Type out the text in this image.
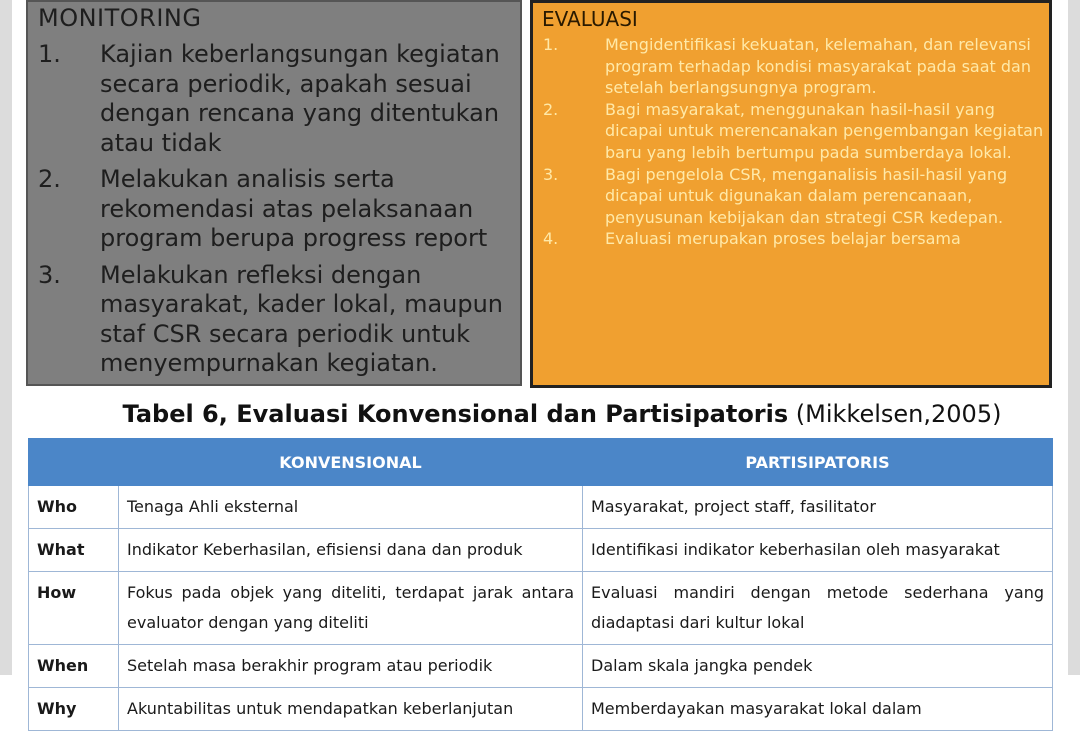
MONITORING
1.	Kajian keberlangsungan kegiatan secara periodik, apakah sesuai dengan rencana yang ditentukan atau tidak
2.	Melakukan analisis serta rekomendasi atas pelaksanaan program berupa progress report
3.	Melakukan refleksi dengan masyarakat, kader lokal, maupun staf CSR secara periodik untuk menyempurnakan kegiatan.
EVALUASI
1.	Mengidentifikasi kekuatan, kelemahan, dan relevansi program terhadap kondisi masyarakat pada saat dan setelah berlangsungnya program.
2.	Bagi masyarakat, menggunakan hasil-hasil yang dicapai untuk merencanakan pengembangan kegiatan baru yang lebih bertumpu pada sumberdaya lokal.
3.	Bagi pengelola CSR, menganalisis hasil-hasil yang dicapai untuk digunakan dalam perencanaan, penyusunan kebijakan dan strategi CSR kedepan.
4.	Evaluasi merupakan proses belajar bersama
Tabel 6, Evaluasi Konvensional dan Partisipatoris (Mikkelsen,2005)
	KONVENSIONAL	PARTISIPATORIS
Who	Tenaga Ahli eksternal	Masyarakat, project staff, fasilitator
What	Indikator Keberhasilan, efisiensi dana dan produk	Identifikasi indikator keberhasilan oleh masyarakat
How	Fokus pada objek yang diteliti, terdapat jarak antara evaluator dengan yang diteliti	Evaluasi mandiri dengan metode sederhana yang diadaptasi dari kultur lokal
When	Setelah masa berakhir program atau periodik	Dalam skala jangka pendek
Why	Akuntabilitas untuk mendapatkan keberlanjutan	Memberdayakan masyarakat lokal dalam
